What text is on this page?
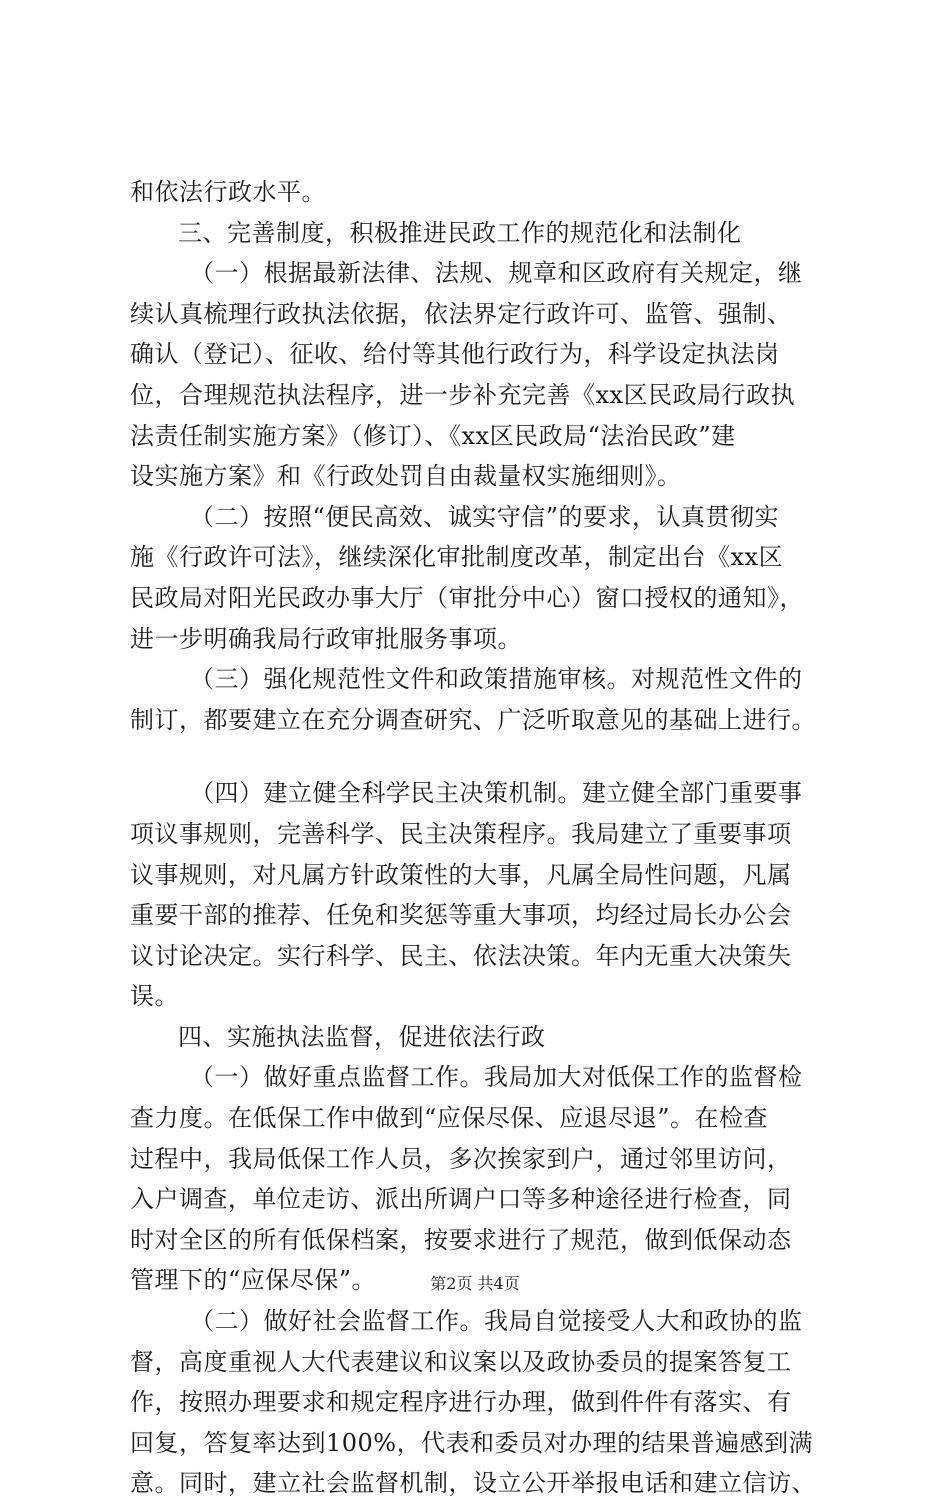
和依法行政水平。
三、完善制度，积极推进民政工作的规范化和法制化
（一）根据最新法律、法规、规章和区政府有关规定，继
续认真梳理行政执法依据，依法界定行政许可、监管、强制、
确认（登记）、征收、给付等其他行政行为，科学设定执法岗
位，合理规范执法程序，进一步补充完善《xx区民政局行政执
法责任制实施方案》（修订）、《xx区民政局“法治民政”建
设实施方案》和《行政处罚自由裁量权实施细则》。
（二）按照“便民高效、诚实守信”的要求，认真贯彻实
施《行政许可法》，继续深化审批制度改革，制定出台《xx区
民政局对阳光民政办事大厅（审批分中心）窗口授权的通知》，
进一步明确我局行政审批服务事项。
（三）强化规范性文件和政策措施审核。对规范性文件的
制订，都要建立在充分调查研究、广泛听取意见的基础上进行。
（四）建立健全科学民主决策机制。建立健全部门重要事
项议事规则，完善科学、民主决策程序。我局建立了重要事项
议事规则，对凡属方针政策性的大事，凡属全局性问题，凡属
重要干部的推荐、任免和奖惩等重大事项，均经过局长办公会
议讨论决定。实行科学、民主、依法决策。年内无重大决策失
误。
四、实施执法监督，促进依法行政
（一）做好重点监督工作。我局加大对低保工作的监督检
查力度。在低保工作中做到“应保尽保、应退尽退”。在检查
过程中，我局低保工作人员，多次挨家到户，通过邻里访问，
入户调查，单位走访、派出所调户口等多种途径进行检查，同
时对全区的所有低保档案，按要求进行了规范，做到低保动态
管理下的“应保尽保”。
（二）做好社会监督工作。我局自觉接受人大和政协的监
督，高度重视人大代表建议和议案以及政协委员的提案答复工
作，按照办理要求和规定程序进行办理，做到件件有落实、有
回复，答复率达到100%，代表和委员对办理的结果普遍感到满
意。同时，建立社会监督机制，设立公开举报电话和建立信访、
第2页 共4页
